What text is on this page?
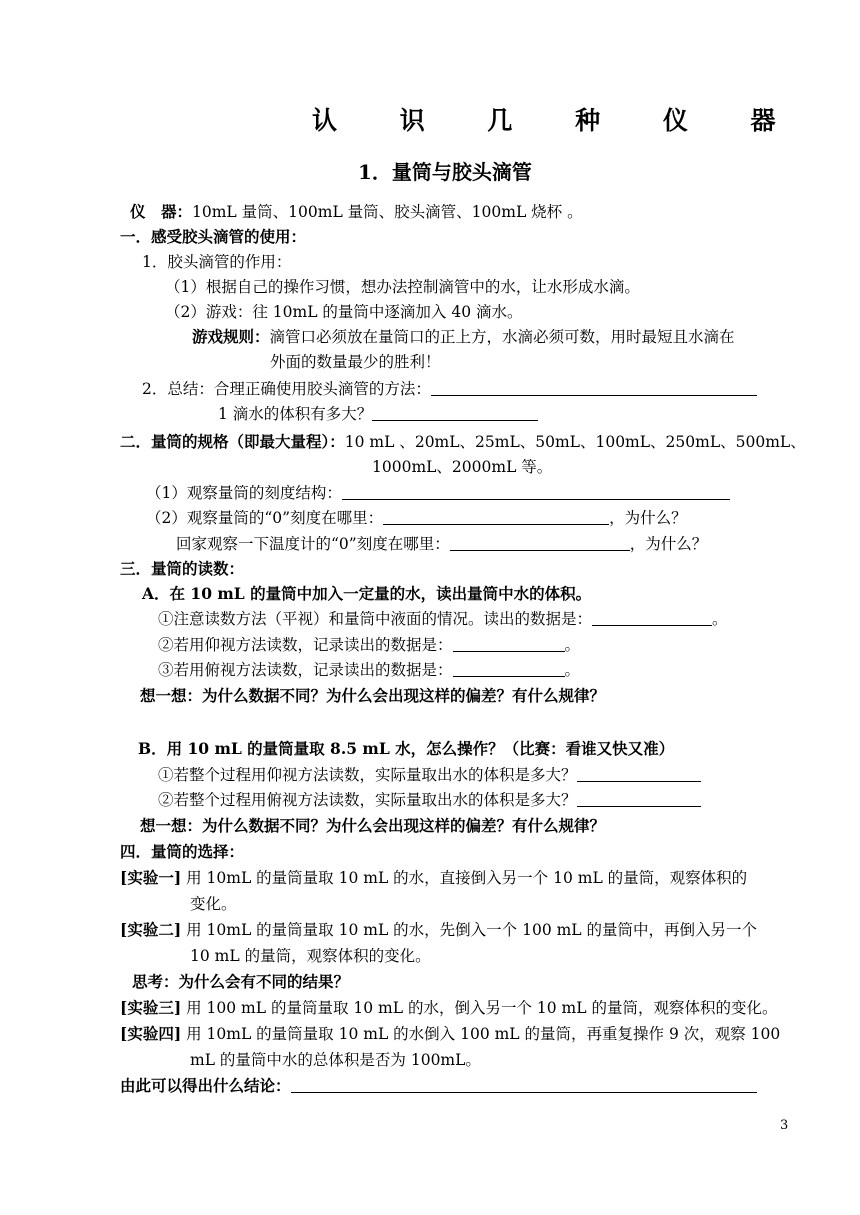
认 识 几 种 仪 器
1．量筒与胶头滴管
仪　器：10mL 量筒、100mL 量筒、胶头滴管、100mL 烧杯 。
一．感受胶头滴管的使用：
1．胶头滴管的作用：
（1）根据自己的操作习惯，想办法控制滴管中的水，让水形成水滴。
（2）游戏：往 10mL 的量筒中逐滴加入 40 滴水。
游戏规则：滴管口必须放在量筒口的正上方，水滴必须可数，用时最短且水滴在
外面的数量最少的胜利！
2．总结：合理正确使用胶头滴管的方法：
1 滴水的体积有多大？
二．量筒的规格（即最大量程）：10 mL 、20mL、25mL、50mL、100mL、250mL、500mL、
1000mL、2000mL 等。
（1）观察量筒的刻度结构：
（2）观察量筒的“0”刻度在哪里：	，为什么？
回家观察一下温度计的“0”刻度在哪里：	，为什么？
三．量筒的读数：
A．在 10 mL 的量筒中加入一定量的水，读出量筒中水的体积。
①注意读数方法（平视）和量筒中液面的情况。读出的数据是：	。
②若用仰视方法读数，记录读出的数据是：	。
③若用俯视方法读数，记录读出的数据是：	。
想一想：为什么数据不同？为什么会出现这样的偏差？有什么规律？
B．用 10 mL 的量筒量取 8.5 mL 水，怎么操作？（比赛：看谁又快又准）
①若整个过程用仰视方法读数，实际量取出水的体积是多大？
②若整个过程用俯视方法读数，实际量取出水的体积是多大？
想一想：为什么数据不同？为什么会出现这样的偏差？有什么规律？
四．量筒的选择：
[实验一] 用 10mL 的量筒量取 10 mL 的水，直接倒入另一个 10 mL 的量筒，观察体积的
变化。
[实验二] 用 10mL 的量筒量取 10 mL 的水，先倒入一个 100 mL 的量筒中，再倒入另一个
10 mL 的量筒，观察体积的变化。
思考：为什么会有不同的结果？
[实验三] 用 100 mL 的量筒量取 10 mL 的水，倒入另一个 10 mL 的量筒，观察体积的变化。
[实验四] 用 10mL 的量筒量取 10 mL 的水倒入 100 mL 的量筒，再重复操作 9 次，观察 100
mL 的量筒中水的总体积是否为 100mL。
由此可以得出什么结论：
3
